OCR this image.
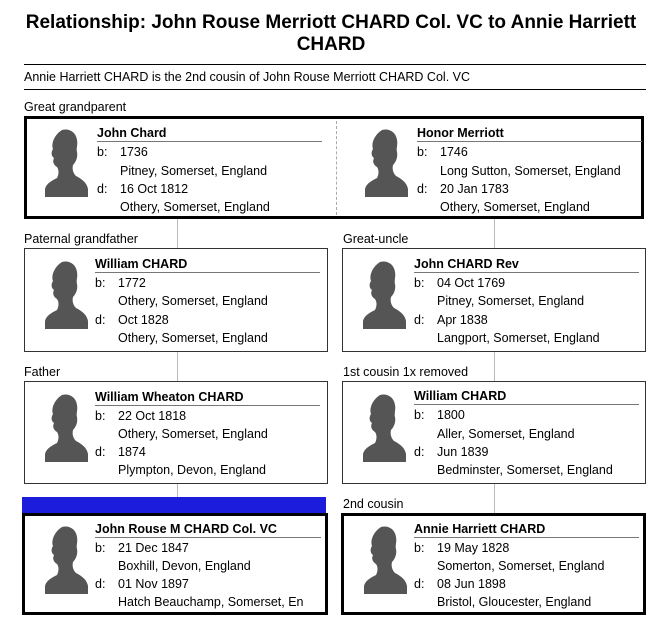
Relationship: John Rouse Merriott CHARD Col. VC to Annie Harriett CHARD
Annie Harriett CHARD is the 2nd cousin of John Rouse Merriott CHARD Col. VC
Great grandparent
Paternal grandfather	Great-uncle
Father	1st cousin 1x removed
2nd cousin
John Chard
b: 1736
Pitney, Somerset, England
d: 16 Oct 1812
Othery, Somerset, England
Honor Merriott
b: 1746
Long Sutton, Somerset, England
d: 20 Jan 1783
Othery, Somerset, England
William CHARD
b: 1772
Othery, Somerset, England
d: Oct 1828
Othery, Somerset, England
John CHARD Rev
b: 04 Oct 1769
Pitney, Somerset, England
d: Apr 1838
Langport, Somerset, England
William Wheaton CHARD
b: 22 Oct 1818
Othery, Somerset, England
d: 1874
Plympton, Devon, England
William CHARD
b: 1800
Aller, Somerset, England
d: Jun 1839
Bedminster, Somerset, England
John Rouse M CHARD Col. VC
b: 21 Dec 1847
Boxhill, Devon, England
d: 01 Nov 1897
Hatch Beauchamp, Somerset, En
Annie Harriett CHARD
b: 19 May 1828
Somerton, Somerset, England
d: 08 Jun 1898
Bristol, Gloucester, England
